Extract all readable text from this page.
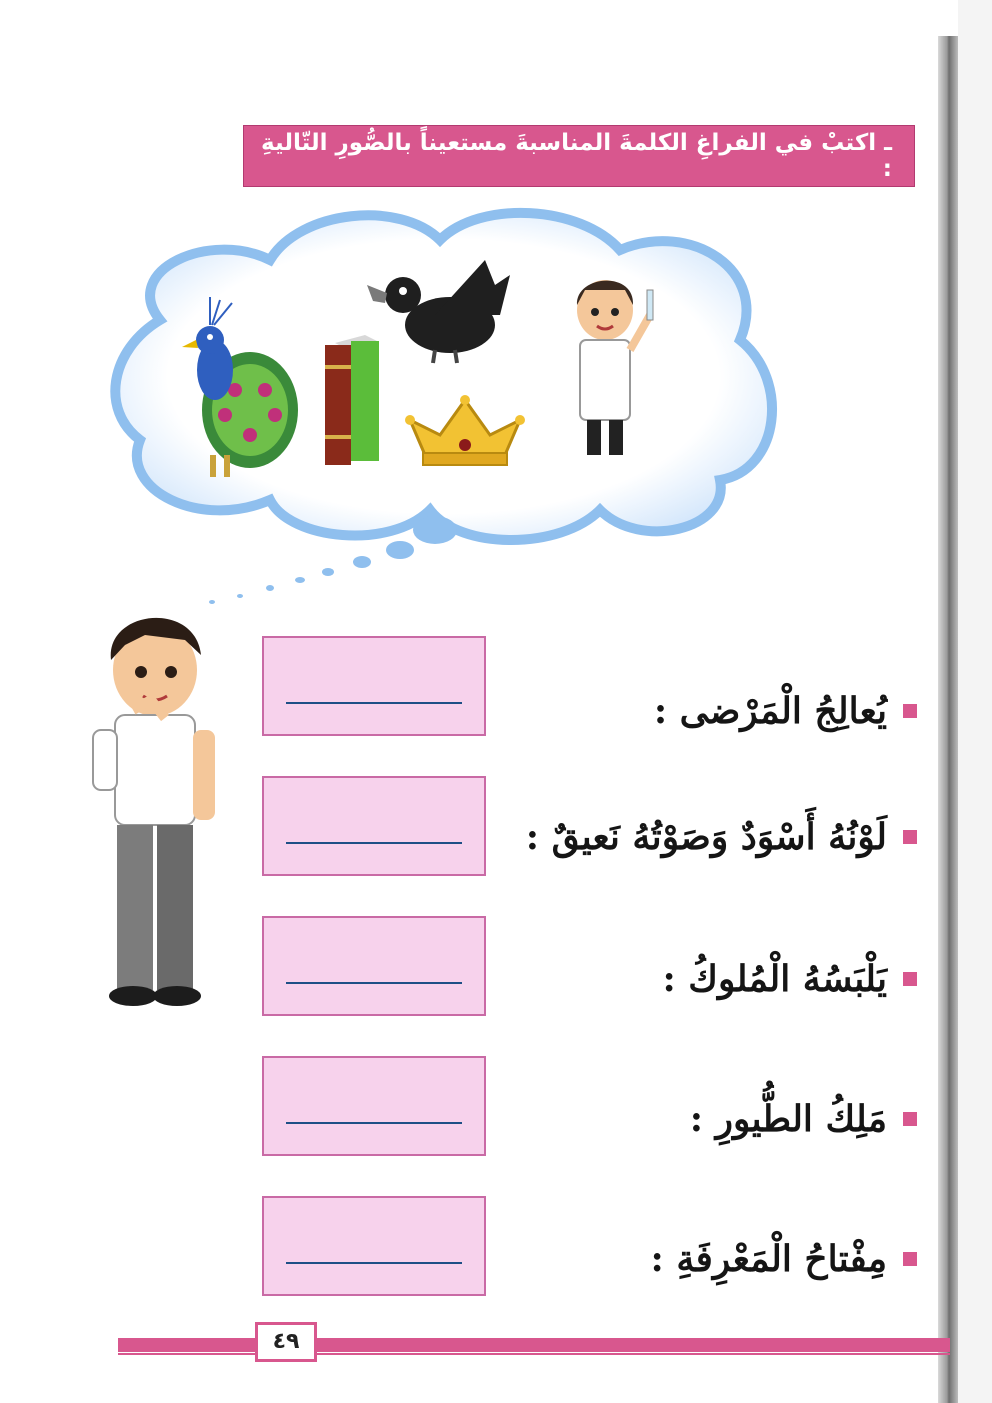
ـ اكتبْ في الفراغِ الكلمةَ المناسبةَ مستعيناً بالصُّورِ التّاليةِ :
يُعالِجُ الْمَرْضى :
لَوْنُهُ أَسْوَدٌ وَصَوْتُهُ نَعيقٌ :
يَلْبَسُهُ الْمُلوكُ :
مَلِكُ الطُّيورِ :
مِفْتاحُ الْمَعْرِفَةِ :
٤٩
